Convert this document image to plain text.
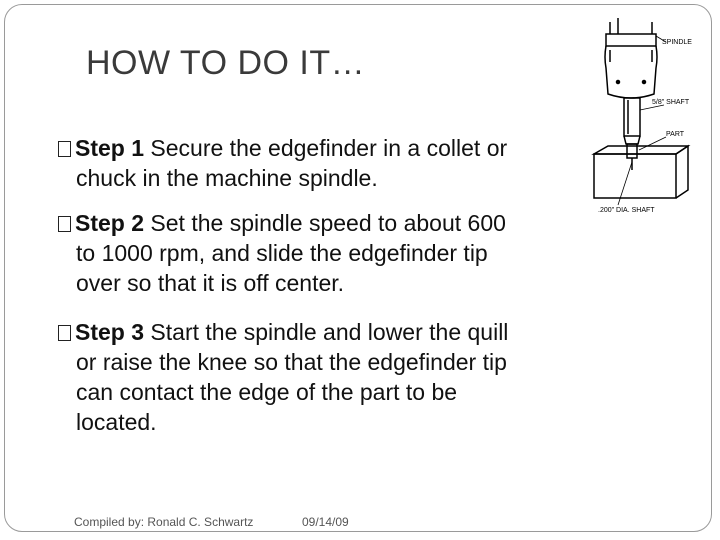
HOW TO DO IT…
Step 1 Secure the edgefinder in a collet or
chuck in the machine spindle.
Step 2 Set the spindle speed to about 600
to 1000 rpm, and slide the edgefinder tip
over so that it is off center.
Step 3 Start the spindle and lower the quill
or raise the knee so that the edgefinder tip
can contact the edge of the part to be
located.
SPINDLE
5/8" SHAFT
PART
.200" DIA. SHAFT
Compiled by: Ronald C. Schwartz	09/14/09
